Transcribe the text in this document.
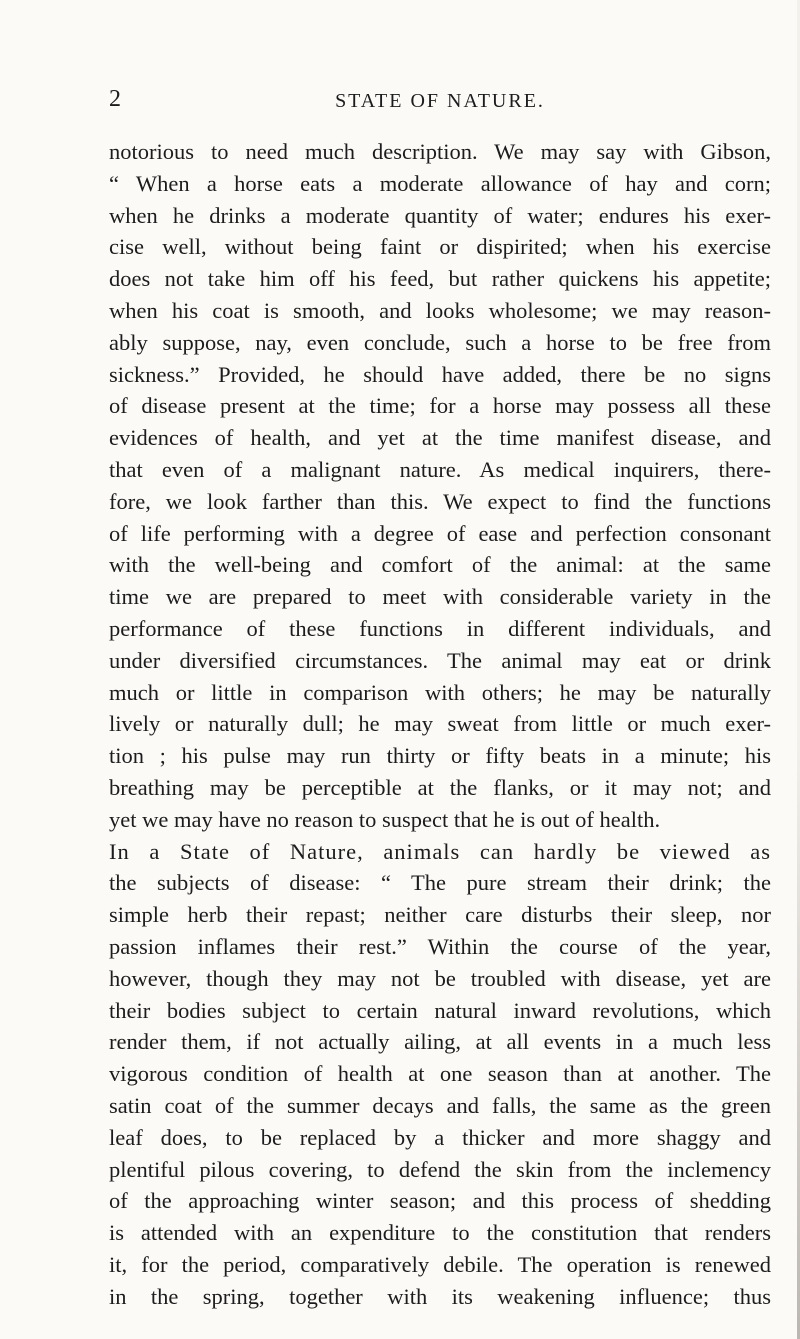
2	STATE OF NATURE.
notorious to need much description. We may say with Gibson,
“ When a horse eats a moderate allowance of hay and corn;
when he drinks a moderate quantity of water; endures his exer-
cise well, without being faint or dispirited; when his exercise
does not take him off his feed, but rather quickens his appetite;
when his coat is smooth, and looks wholesome; we may reason-
ably suppose, nay, even conclude, such a horse to be free from
sickness.” Provided, he should have added, there be no signs
of disease present at the time; for a horse may possess all these
evidences of health, and yet at the time manifest disease, and
that even of a malignant nature. As medical inquirers, there-
fore, we look farther than this. We expect to find the functions
of life performing with a degree of ease and perfection consonant
with the well-being and comfort of the animal: at the same
time we are prepared to meet with considerable variety in the
performance of these functions in different individuals, and
under diversified circumstances. The animal may eat or drink
much or little in comparison with others; he may be naturally
lively or naturally dull; he may sweat from little or much exer-
tion ; his pulse may run thirty or fifty beats in a minute; his
breathing may be perceptible at the flanks, or it may not; and
yet we may have no reason to suspect that he is out of health.
In a State of Nature, animals can hardly be viewed as
the subjects of disease: “ The pure stream their drink; the
simple herb their repast; neither care disturbs their sleep, nor
passion inflames their rest.” Within the course of the year,
however, though they may not be troubled with disease, yet are
their bodies subject to certain natural inward revolutions, which
render them, if not actually ailing, at all events in a much less
vigorous condition of health at one season than at another. The
satin coat of the summer decays and falls, the same as the green
leaf does, to be replaced by a thicker and more shaggy and
plentiful pilous covering, to defend the skin from the inclemency
of the approaching winter season; and this process of shedding
is attended with an expenditure to the constitution that renders
it, for the period, comparatively debile. The operation is renewed
in the spring, together with its weakening influence; thus
